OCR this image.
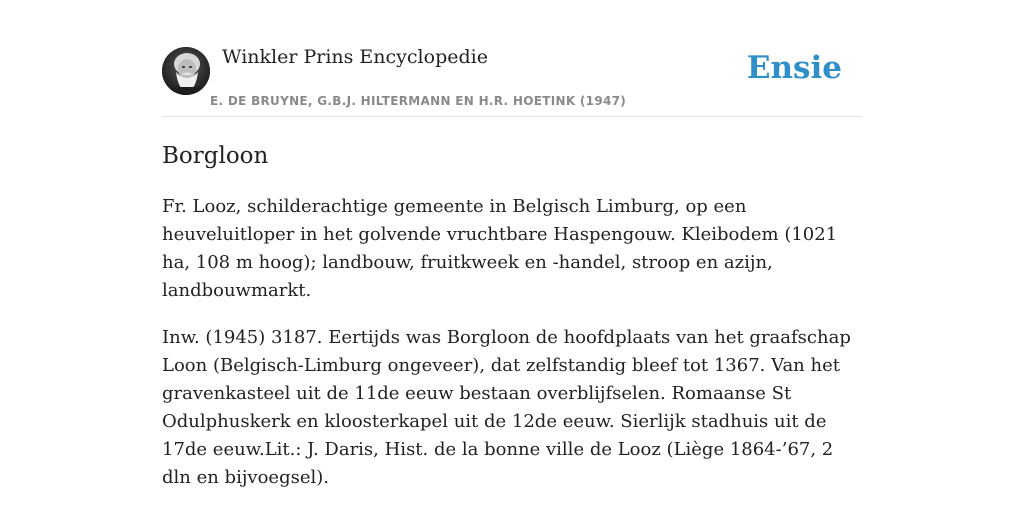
Winkler Prins Encyclopedie
E. DE BRUYNE, G.B.J. HILTERMANN EN H.R. HOETINK (1947)
Ensie
Borgloon

Fr. Looz, schilderachtige gemeente in Belgisch Limburg, op een heuveluitloper in het golvende vruchtbare Haspengouw. Kleibodem (1021 ha, 108 m hoog); landbouw, fruitkweek en -handel, stroop en azijn, landbouwmarkt.

Inw. (1945) 3187. Eertijds was Borgloon de hoofdplaats van het graafschap Loon (Belgisch-Limburg ongeveer), dat zelfstandig bleef tot 1367. Van het gravenkasteel uit de 11de eeuw bestaan overblijfselen. Romaanse St Odulphuskerk en kloosterkapel uit de 12de eeuw. Sierlijk stadhuis uit de 17de eeuw.Lit.: J. Daris, Hist. de la bonne ville de Looz (Liège 1864-’67, 2 dln en bijvoegsel).
